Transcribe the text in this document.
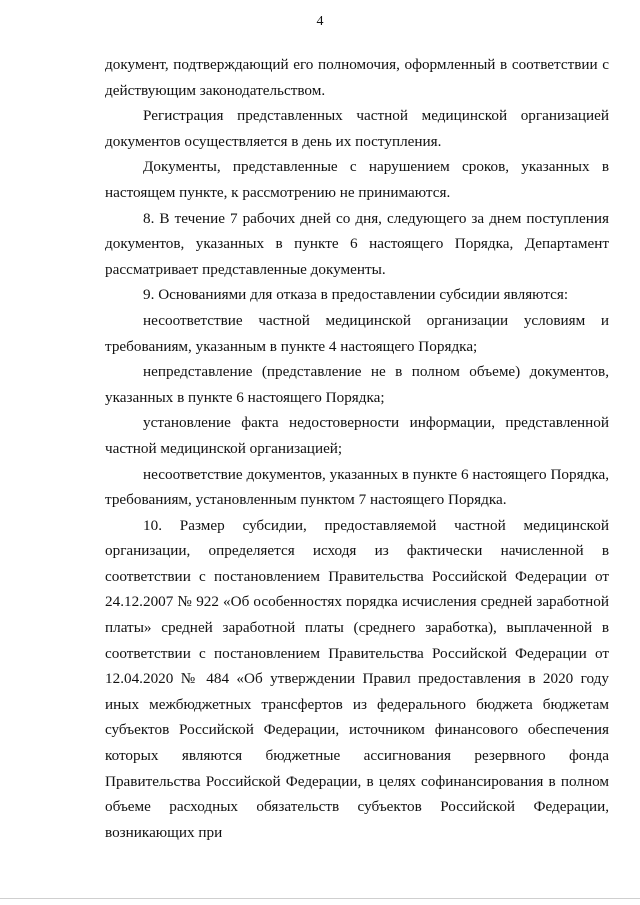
4

документ, подтверждающий его полномочия, оформленный в соответствии с действующим законодательством.

Регистрация представленных частной медицинской организацией документов осуществляется в день их поступления.

Документы, представленные с нарушением сроков, указанных в настоящем пункте, к рассмотрению не принимаются.

8. В течение 7 рабочих дней со дня, следующего за днем поступления документов, указанных в пункте 6 настоящего Порядка, Департамент рассматривает представленные документы.

9. Основаниями для отказа в предоставлении субсидии являются:

несоответствие частной медицинской организации условиям и требованиям, указанным в пункте 4 настоящего Порядка;

непредставление (представление не в полном объеме) документов, указанных в пункте 6 настоящего Порядка;

установление факта недостоверности информации, представленной частной медицинской организацией;

несоответствие документов, указанных в пункте 6 настоящего Порядка, требованиям, установленным пунктом 7 настоящего Порядка.

10. Размер субсидии, предоставляемой частной медицинской организации, определяется исходя из фактически начисленной в соответствии с постановлением Правительства Российской Федерации от 24.12.2007 № 922 «Об особенностях порядка исчисления средней заработной платы» средней заработной платы (среднего заработка), выплаченной в соответствии с постановлением Правительства Российской Федерации от 12.04.2020 № 484 «Об утверждении Правил предоставления в 2020 году иных межбюджетных трансфертов из федерального бюджета бюджетам субъектов Российской Федерации, источником финансового обеспечения которых являются бюджетные ассигнования резервного фонда Правительства Российской Федерации, в целях софинансирования в полном объеме расходных обязательств субъектов Российской Федерации, возникающих при
